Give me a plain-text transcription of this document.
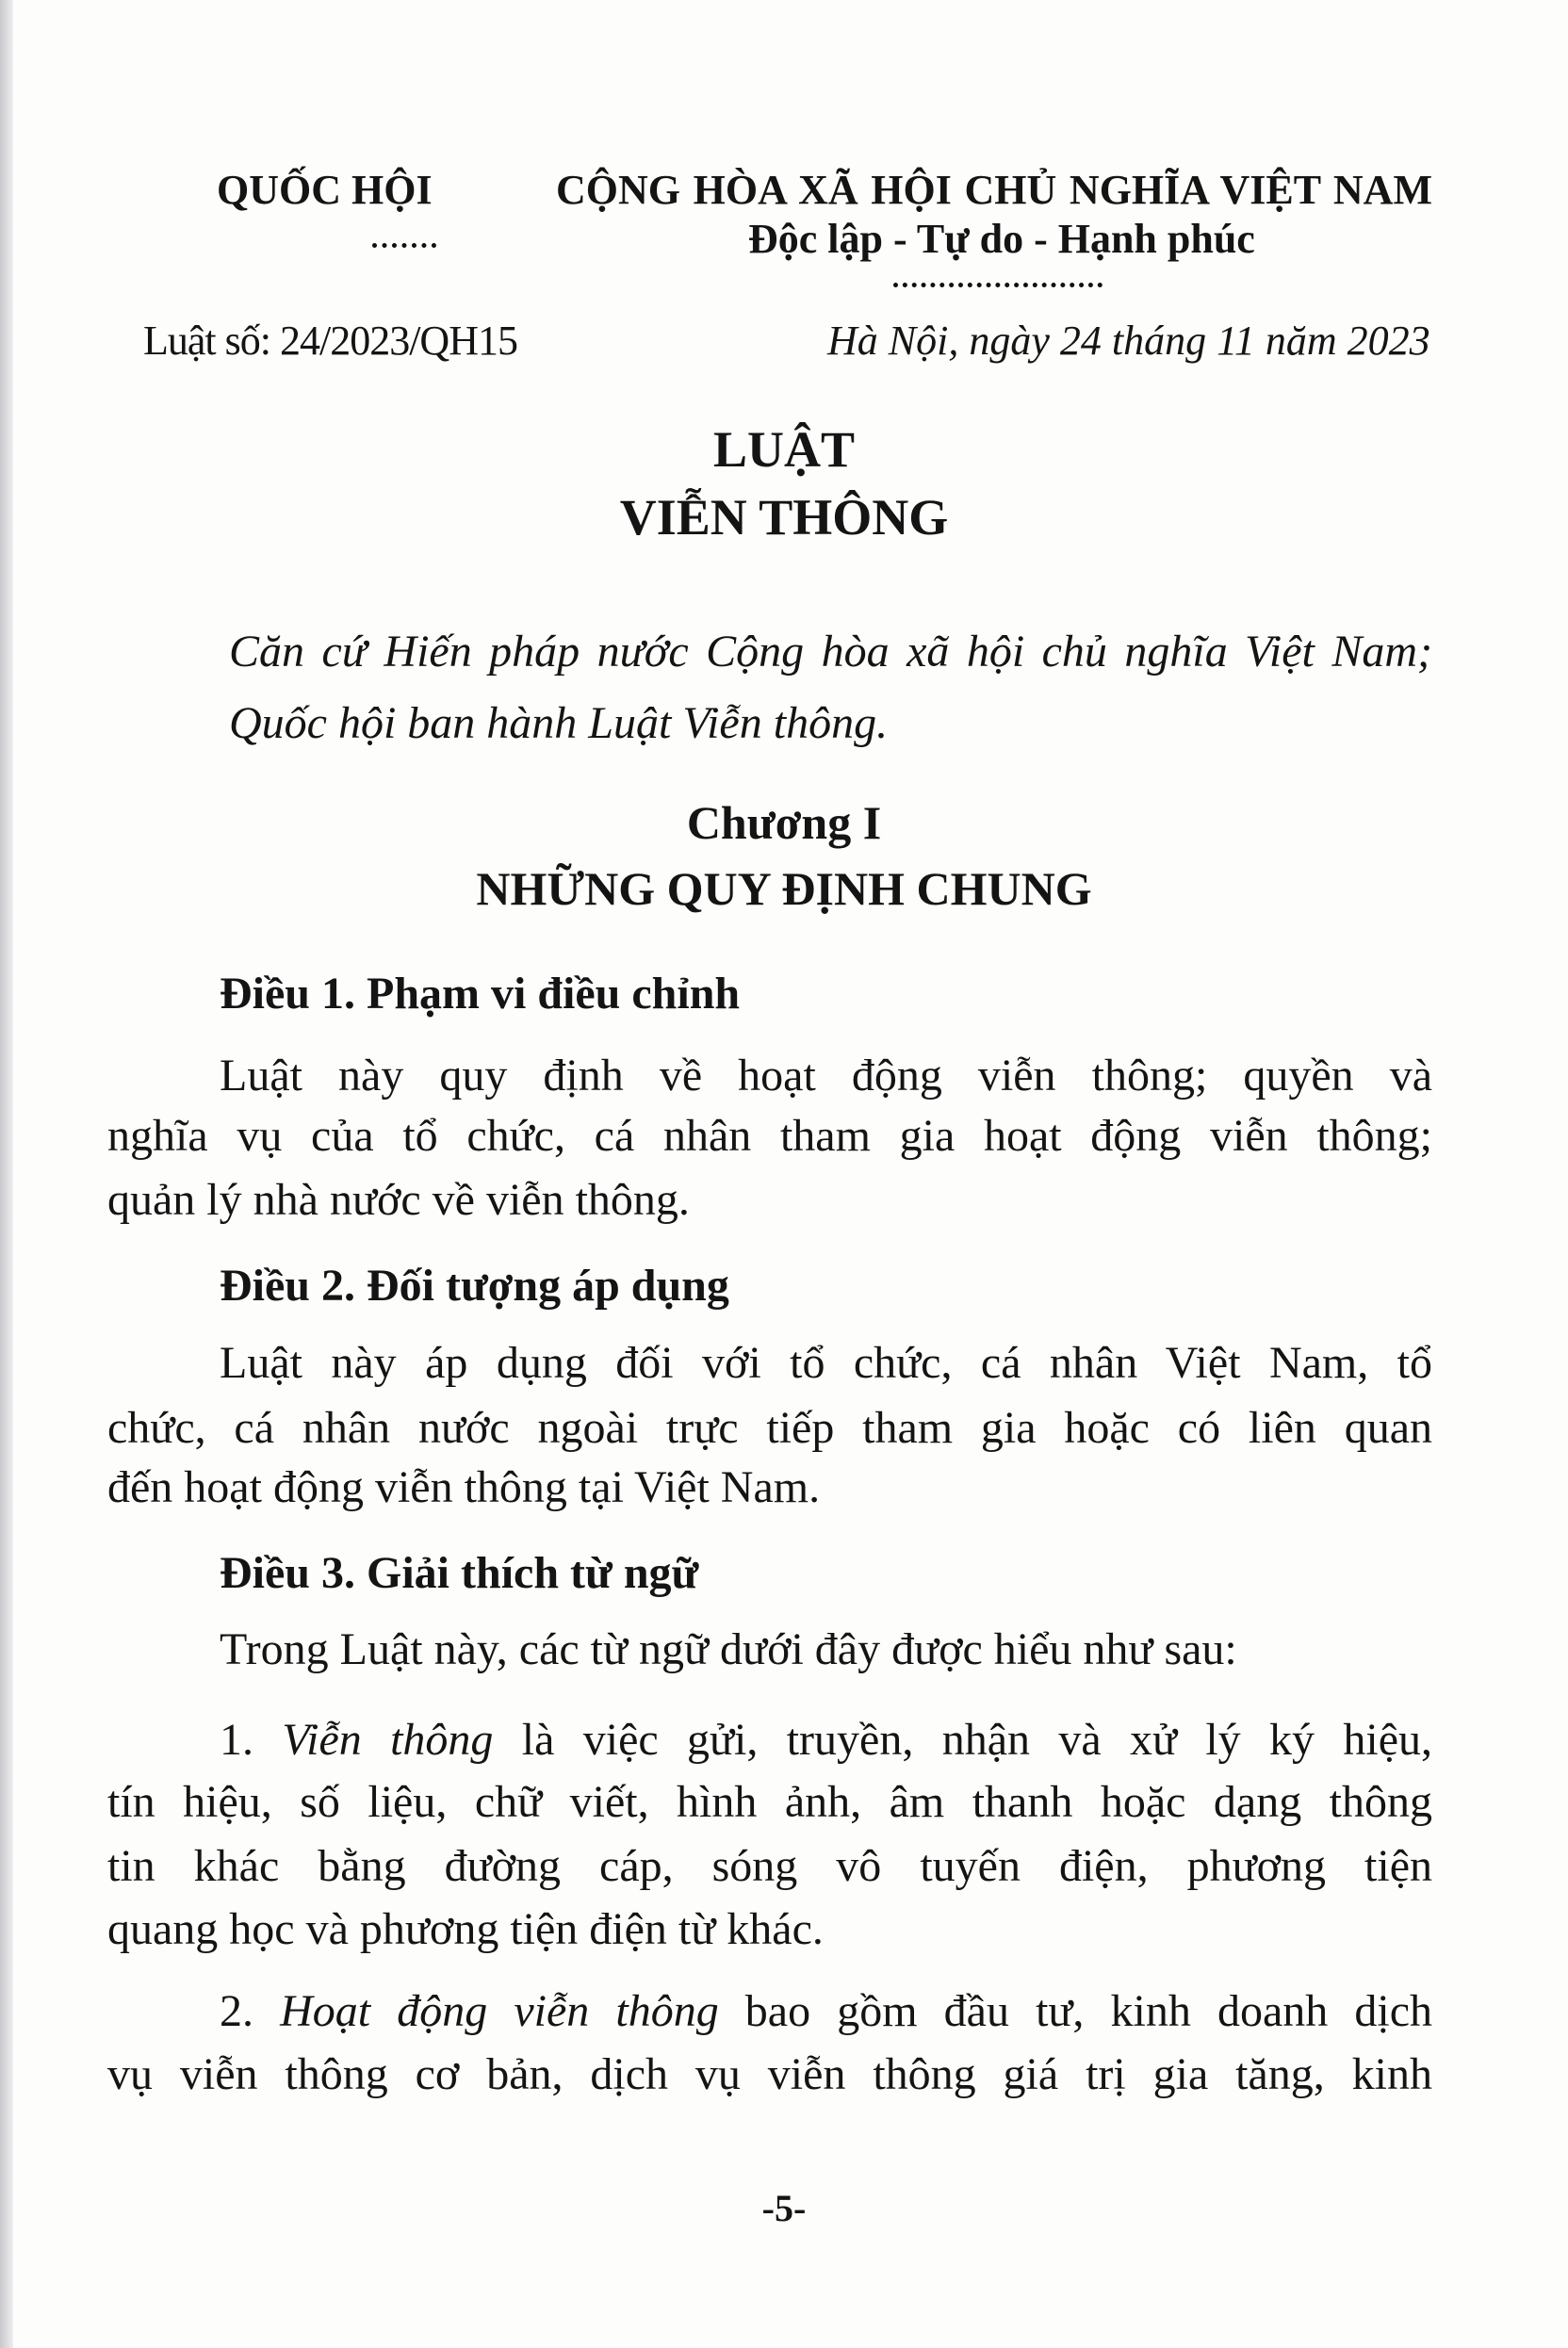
QUỐC HỘI	CỘNG HÒA XÃ HỘI CHỦ NGHĨA VIỆT NAM
Độc lập - Tự do - Hạnh phúc
Luật số: 24/2023/QH15	Hà Nội, ngày 24 tháng 11 năm 2023
LUẬT
VIỄN THÔNG
Căn cứ Hiến pháp nước Cộng hòa xã hội chủ nghĩa Việt Nam;
Quốc hội ban hành Luật Viễn thông.
Chương I
NHỮNG QUY ĐỊNH CHUNG
Điều 1. Phạm vi điều chỉnh
Luật này quy định về hoạt động viễn thông; quyền và
nghĩa vụ của tổ chức, cá nhân tham gia hoạt động viễn thông;
quản lý nhà nước về viễn thông.
Điều 2. Đối tượng áp dụng
Luật này áp dụng đối với tổ chức, cá nhân Việt Nam, tổ
chức, cá nhân nước ngoài trực tiếp tham gia hoặc có liên quan
đến hoạt động viễn thông tại Việt Nam.
Điều 3. Giải thích từ ngữ
Trong Luật này, các từ ngữ dưới đây được hiểu như sau:
1. Viễn thông là việc gửi, truyền, nhận và xử lý ký hiệu,
tín hiệu, số liệu, chữ viết, hình ảnh, âm thanh hoặc dạng thông
tin khác bằng đường cáp, sóng vô tuyến điện, phương tiện
quang học và phương tiện điện từ khác.
2. Hoạt động viễn thông bao gồm đầu tư, kinh doanh dịch
vụ viễn thông cơ bản, dịch vụ viễn thông giá trị gia tăng, kinh
-5-
